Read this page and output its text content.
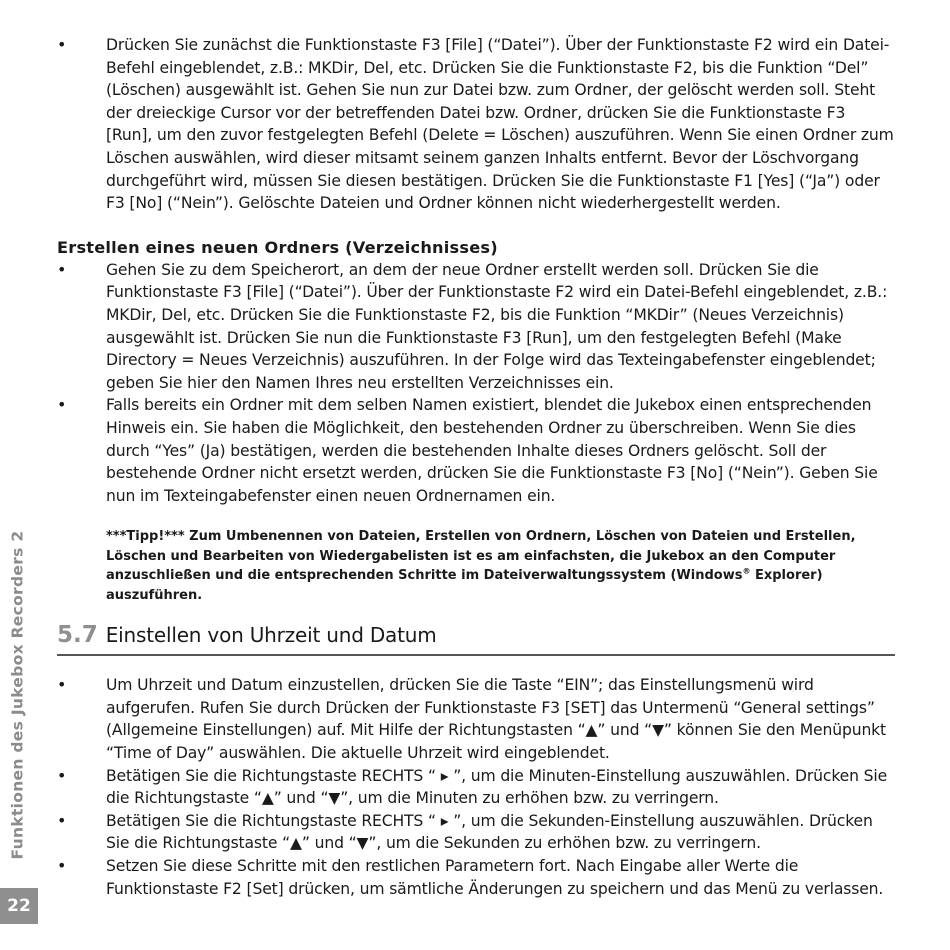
Funktionen des Jukebox Recorders 2
22
• Drücken Sie zunächst die Funktionstaste F3 [File] (“Datei”). Über der Funktionstaste F2 wird ein Datei-Befehl eingeblendet, z.B.: MKDir, Del, etc. Drücken Sie die Funktionstaste F2, bis die Funktion “Del” (Löschen) ausgewählt ist. Gehen Sie nun zur Datei bzw. zum Ordner, der gelöscht werden soll. Steht der dreieckige Cursor vor der betreffenden Datei bzw. Ordner, drücken Sie die Funktionstaste F3 [Run], um den zuvor festgelegten Befehl (Delete = Löschen) auszuführen. Wenn Sie einen Ordner zum Löschen auswählen, wird dieser mitsamt seinem ganzen Inhalts entfernt. Bevor der Löschvorgang durchgeführt wird, müssen Sie diesen bestätigen. Drücken Sie die Funktionstaste F1 [Yes] (“Ja”) oder F3 [No] (“Nein”). Gelöschte Dateien und Ordner können nicht wiederhergestellt werden.
Erstellen eines neuen Ordners (Verzeichnisses)
• Gehen Sie zu dem Speicherort, an dem der neue Ordner erstellt werden soll. Drücken Sie die Funktionstaste F3 [File] (“Datei”). Über der Funktionstaste F2 wird ein Datei-Befehl eingeblendet, z.B.: MKDir, Del, etc. Drücken Sie die Funktionstaste F2, bis die Funktion “MKDir” (Neues Verzeichnis) ausgewählt ist. Drücken Sie nun die Funktionstaste F3 [Run], um den festgelegten Befehl (Make Directory = Neues Verzeichnis) auszuführen. In der Folge wird das Texteingabefenster eingeblendet; geben Sie hier den Namen Ihres neu erstellten Verzeichnisses ein.
• Falls bereits ein Ordner mit dem selben Namen existiert, blendet die Jukebox einen entsprechenden Hinweis ein. Sie haben die Möglichkeit, den bestehenden Ordner zu überschreiben. Wenn Sie dies durch “Yes” (Ja) bestätigen, werden die bestehenden Inhalte dieses Ordners gelöscht. Soll der bestehende Ordner nicht ersetzt werden, drücken Sie die Funktionstaste F3 [No] (“Nein”). Geben Sie nun im Texteingabefenster einen neuen Ordnernamen ein.
***Tipp!*** Zum Umbenennen von Dateien, Erstellen von Ordnern, Löschen von Dateien und Erstellen, Löschen und Bearbeiten von Wiedergabelisten ist es am einfachsten, die Jukebox an den Computer anzuschließen und die entsprechenden Schritte im Dateiverwaltungssystem (Windows® Explorer) auszuführen.
5.7 Einstellen von Uhrzeit und Datum
• Um Uhrzeit und Datum einzustellen, drücken Sie die Taste “EIN”; das Einstellungsmenü wird aufgerufen. Rufen Sie durch Drücken der Funktionstaste F3 [SET] das Untermenü “General settings” (Allgemeine Einstellungen) auf. Mit Hilfe der Richtungstasten “▲” und “▼” können Sie den Menüpunkt “Time of Day” auswählen. Die aktuelle Uhrzeit wird eingeblendet.
• Betätigen Sie die Richtungstaste RECHTS “ ▸ ”, um die Minuten-Einstellung auszuwählen. Drücken Sie die Richtungstaste “▲” und “▼”, um die Minuten zu erhöhen bzw. zu verringern.
• Betätigen Sie die Richtungstaste RECHTS “ ▸ ”, um die Sekunden-Einstellung auszuwählen. Drücken Sie die Richtungstaste “▲” und “▼”, um die Sekunden zu erhöhen bzw. zu verringern.
• Setzen Sie diese Schritte mit den restlichen Parametern fort. Nach Eingabe aller Werte die Funktionstaste F2 [Set] drücken, um sämtliche Änderungen zu speichern und das Menü zu verlassen.
